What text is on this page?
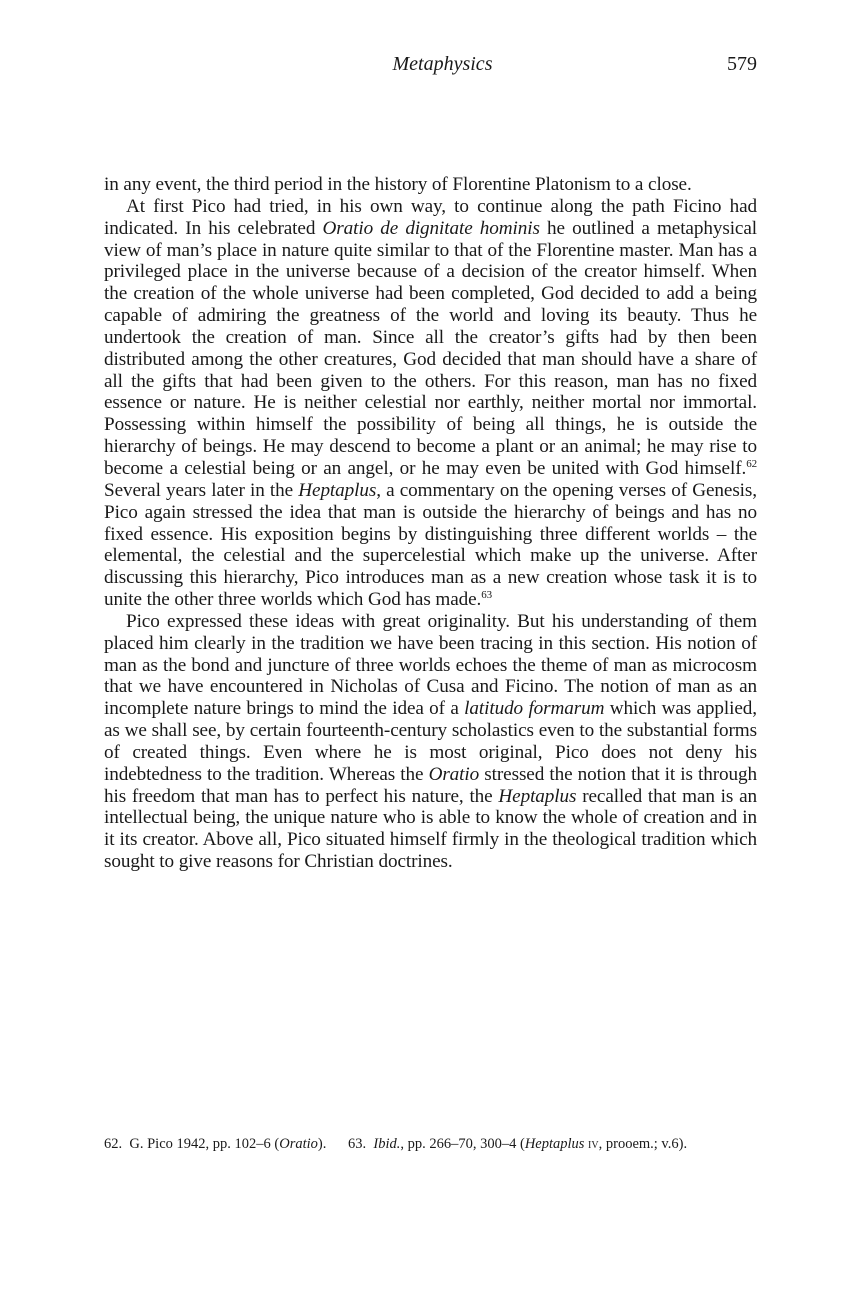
Metaphysics	579

in any event, the third period in the history of Florentine Platonism to a close.

At first Pico had tried, in his own way, to continue along the path Ficino had indicated. In his celebrated Oratio de dignitate hominis he outlined a metaphysical view of man’s place in nature quite similar to that of the Florentine master. Man has a privileged place in the universe because of a decision of the creator himself. When the creation of the whole universe had been completed, God decided to add a being capable of admiring the greatness of the world and loving its beauty. Thus he undertook the creation of man. Since all the creator’s gifts had by then been distributed among the other creatures, God decided that man should have a share of all the gifts that had been given to the others. For this reason, man has no fixed essence or nature. He is neither celestial nor earthly, neither mortal nor immortal. Possessing within himself the possibility of being all things, he is outside the hierarchy of beings. He may descend to become a plant or an animal; he may rise to become a celestial being or an angel, or he may even be united with God himself.$^{62}$ Several years later in the Heptaplus, a commentary on the opening verses of Genesis, Pico again stressed the idea that man is outside the hierarchy of beings and has no fixed essence. His exposition begins by distinguishing three different worlds – the elemental, the celestial and the supercelestial which make up the universe. After discussing this hierarchy, Pico introduces man as a new creation whose task it is to unite the other three worlds which God has made.$^{63}$

Pico expressed these ideas with great originality. But his understanding of them placed him clearly in the tradition we have been tracing in this section. His notion of man as the bond and juncture of three worlds echoes the theme of man as microcosm that we have encountered in Nicholas of Cusa and Ficino. The notion of man as an incomplete nature brings to mind the idea of a latitudo formarum which was applied, as we shall see, by certain fourteenth-century scholastics even to the substantial forms of created things. Even where he is most original, Pico does not deny his indebtedness to the tradition. Whereas the Oratio stressed the notion that it is through his freedom that man has to perfect his nature, the Heptaplus recalled that man is an intellectual being, the unique nature who is able to know the whole of creation and in it its creator. Above all, Pico situated himself firmly in the theological tradition which sought to give reasons for Christian doctrines.

62. G. Pico 1942, pp. 102–6 (Oratio). 63. Ibid., pp. 266–70, 300–4 (Heptaplus iv, prooem.; v.6).
